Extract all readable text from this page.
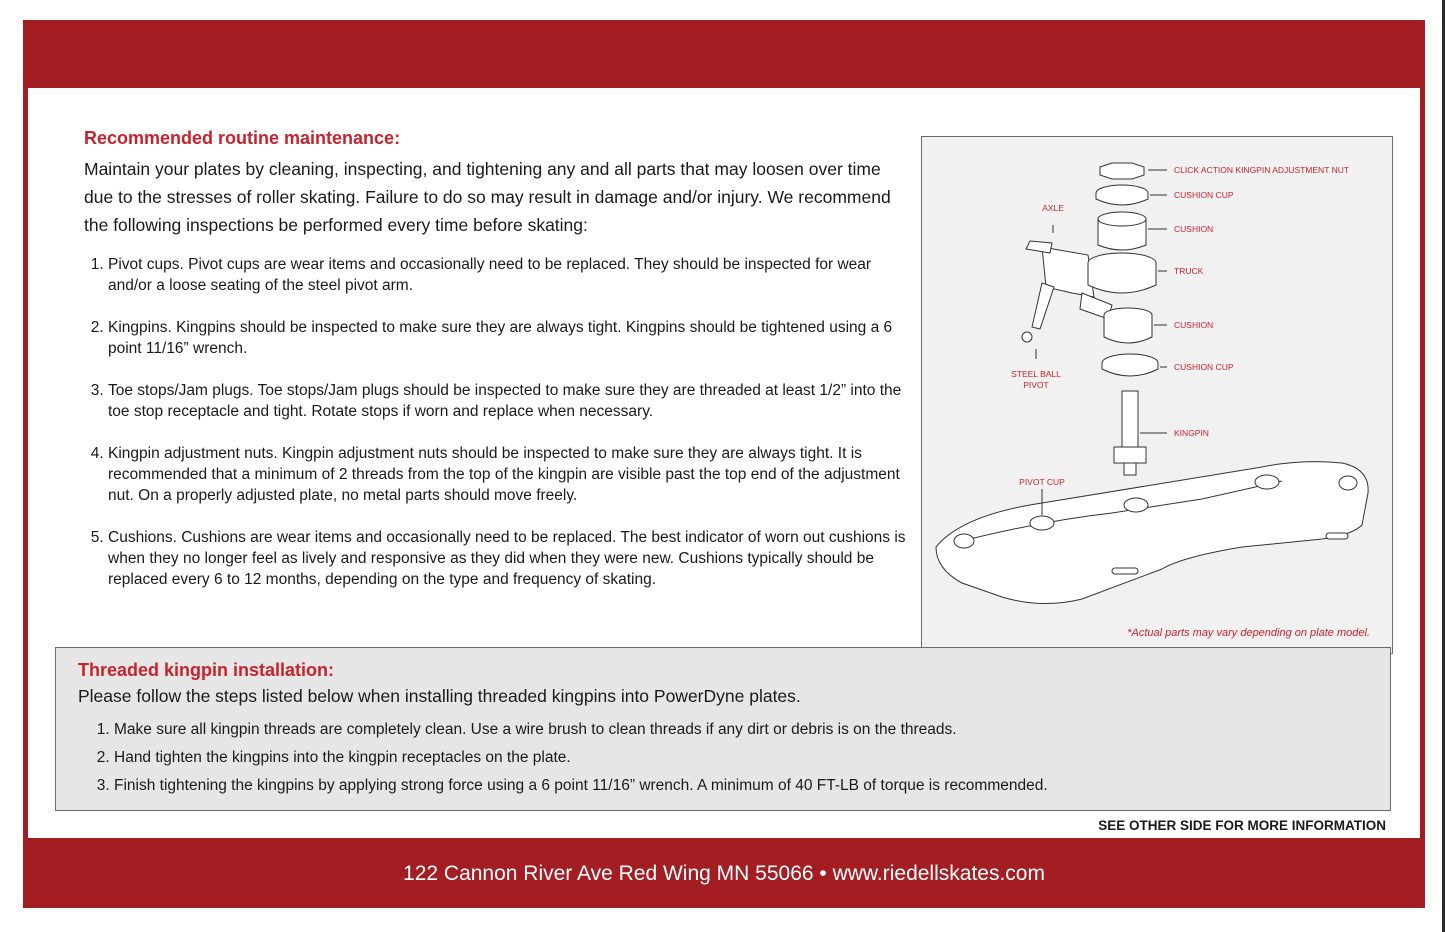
Recommended routine maintenance:

Maintain your plates by cleaning, inspecting, and tightening any and all parts that may loosen over time due to the stresses of roller skating. Failure to do so may result in damage and/or injury. We recommend the following inspections be performed every time before skating:

1. Pivot cups. Pivot cups are wear items and occasionally need to be replaced. They should be inspected for wear and/or a loose seating of the steel pivot arm.
2. Kingpins. Kingpins should be inspected to make sure they are always tight. Kingpins should be tightened using a 6 point 11/16” wrench.
3. Toe stops/Jam plugs. Toe stops/Jam plugs should be inspected to make sure they are threaded at least 1/2” into the toe stop receptacle and tight. Rotate stops if worn and replace when necessary.
4. Kingpin adjustment nuts. Kingpin adjustment nuts should be inspected to make sure they are always tight. It is recommended that a minimum of 2 threads from the top of the kingpin are visible past the top end of the adjustment nut. On a properly adjusted plate, no metal parts should move freely.
5. Cushions. Cushions are wear items and occasionally need to be replaced. The best indicator of worn out cushions is when they no longer feel as lively and responsive as they did when they were new. Cushions typically should be replaced every 6 to 12 months, depending on the type and frequency of skating.
CLICK ACTION KINGPIN ADJUSTMENT NUT
CUSHION CUP
AXLE
CUSHION
TRUCK
CUSHION
CUSHION CUP
STEEL BALL
PIVOT
KINGPIN
PIVOT CUP
*Actual parts may vary depending on plate model.
Threaded kingpin installation:
Please follow the steps listed below when installing threaded kingpins into PowerDyne plates.
1. Make sure all kingpin threads are completely clean. Use a wire brush to clean threads if any dirt or debris is on the threads.
2. Hand tighten the kingpins into the kingpin receptacles on the plate.
3. Finish tightening the kingpins by applying strong force using a 6 point 11/16” wrench. A minimum of 40 FT-LB of torque is recommended.
SEE OTHER SIDE FOR MORE INFORMATION
122 Cannon River Ave Red Wing MN 55066 • www.riedellskates.com
